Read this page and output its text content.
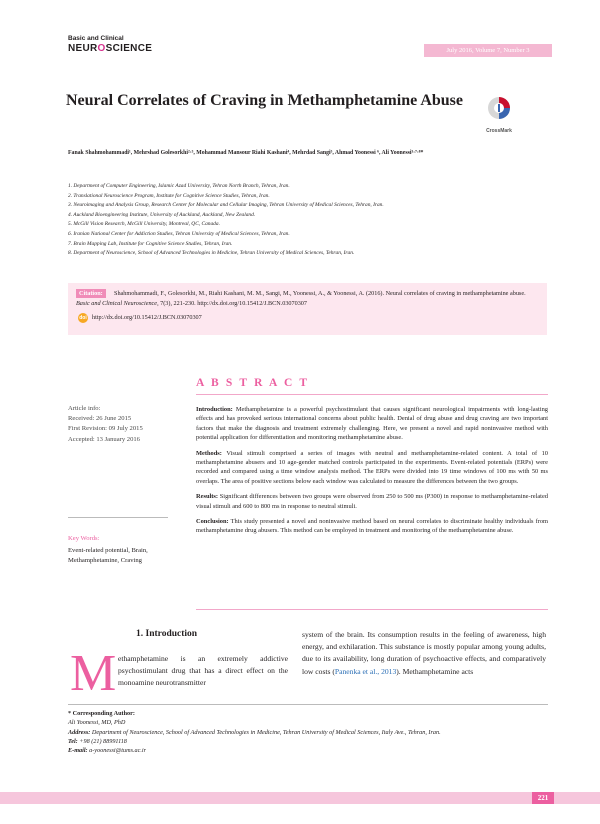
Basic and Clinical
NEUROSCIENCE	July 2016, Volume 7, Number 3
Neural Correlates of Craving in Methamphetamine Abuse
CrossMark
Fanak Shahmohammadi¹, Mehrshad Golesorkhi²·³, Mohammad Mansour Riahi Kashani⁴, Mehrdad Sangi⁵, Ahmad Yoonessi ⁶, Ali Yoonessi³·⁷·⁸*
1. Department of Computer Engineering, Islamic Azad University, Tehran North Branch, Tehran, Iran.
2. Translational Neuroscience Program, Institute for Cognitive Science Studies, Tehran, Iran.
3. Neuroimaging and Analysis Group, Research Center for Molecular and Cellular Imaging, Tehran University of Medical Sciences, Tehran, Iran.
4. Auckland Bioengineering Institute, University of Auckland, Auckland, New Zealand.
5. McGill Vision Research, McGill University, Montreal, QC, Canada.
6. Iranian National Center for Addiction Studies, Tehran University of Medical Sciences, Tehran, Iran.
7. Brain Mapping Lab, Institute for Cognitive Science Studies, Tehran, Iran.
8. Department of Neuroscience, School of Advanced Technologies in Medicine, Tehran University of Medical Sciences, Tehran, Iran.
Shahmohammadi, F., Golesorkhi, M., Riahi Kashani, M. M., Sangi, M., Yoonessi, A., & Yoonessi, A. (2016). Neural correlates of craving in methamphetamine abuse. Basic and Clinical Neuroscience, 7(3), 221-230. http://dx.doi.org/10.15412/J.BCN.03070307
Citation:
doi http://dx.doi.org/10.15412/J.BCN.03070307
A B S T R A C T
Article info:
Received: 26 June 2015
First Revision: 09 July 2015
Accepted: 13 January 2016
Key Words:
Event-related potential, Brain, Methamphetamine, Craving

Introduction: Methamphetamine is a powerful psychostimulant that causes significant neurological impairments with long-lasting effects and has provoked serious international concerns about public health. Denial of drug abuse and drug craving are two important factors that make the diagnosis and treatment extremely challenging. Here, we present a novel and rapid noninvasive method with potential application for differentiation and monitoring methamphetamine abuse.

Methods: Visual stimuli comprised a series of images with neutral and methamphetamine-related content. A total of 10 methamphetamine abusers and 10 age-gender matched controls participated in the experiments. Event-related potentials (ERPs) were recorded and compared using a time window analysis method. The ERPs were divided into 19 time windows of 100 ms with 50 ms overlaps. The area of positive sections below each window was calculated to measure the differences between the two groups.

Results: Significant differences between two groups were observed from 250 to 500 ms (P300) in response to methamphetamine-related visual stimuli and 600 to 800 ms in response to neutral stimuli.

Conclusion: This study presented a novel and noninvasive method based on neural correlates to discriminate healthy individuals from methamphetamine drug abusers. This method can be employed in treatment and monitoring of the methamphetamine abuse.

1. Introduction
M ethamphetamine is an extremely addictive psychostimulant drug that has a direct effect on the monoamine neurotransmitter
system of the brain. Its consumption results in the feeling of awareness, high energy, and exhilaration. This substance is mostly popular among young adults, due to its availability, long duration of psychoactive effects, and comparatively low costs (Panenka et al., 2013). Methamphetamine acts
* Corresponding Author:
Ali Yoonessi, MD, PhD
Address: Department of Neuroscience, School of Advanced Technologies in Medicine, Tehran University of Medical Sciences, Italy Ave., Tehran, Iran.
Tel: +98 (21) 88991118
E-mail: a-yoonessi@tums.ac.ir
221
